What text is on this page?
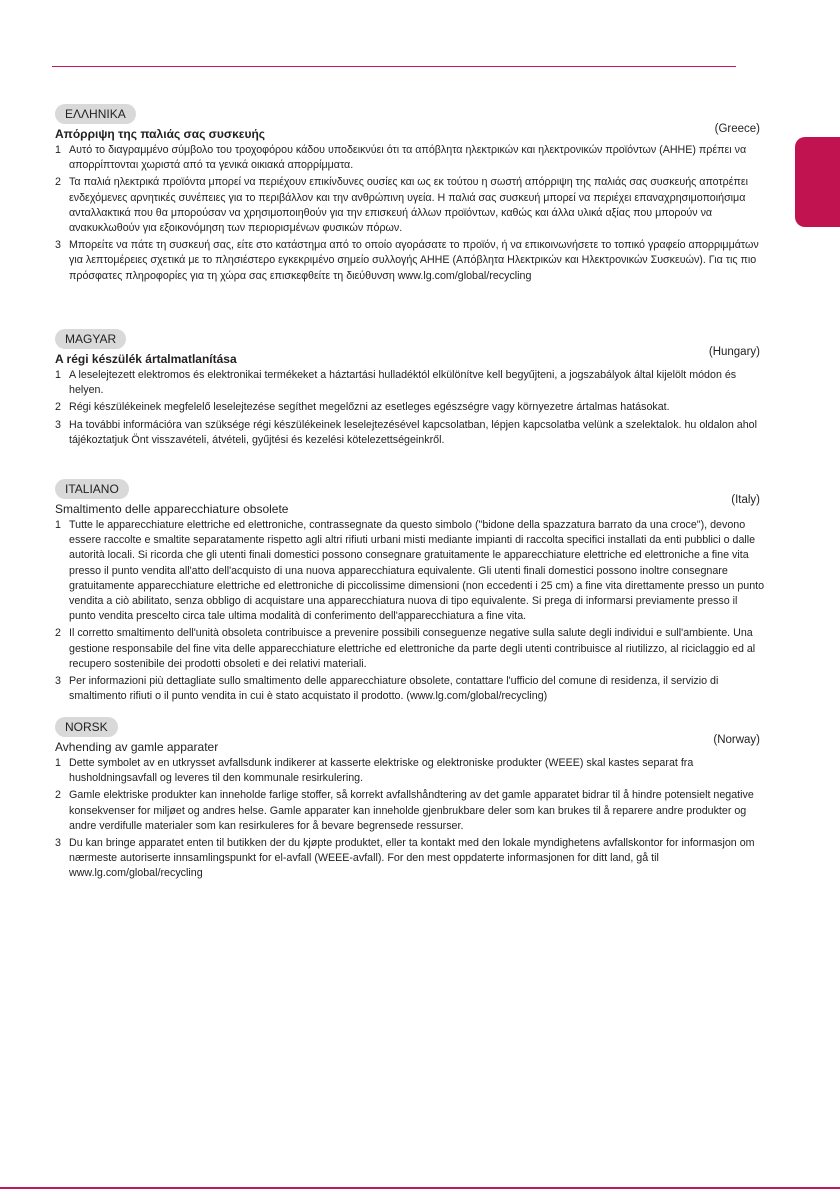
ΕΛΛΗΝΙΚΑ
(Greece)
Απόρριψη της παλιάς σας συσκευής
1 Αυτό το διαγραμμένο σύμβολο του τροχοφόρου κάδου υποδεικνύει ότι τα απόβλητα ηλεκτρικών και ηλεκτρονικών προϊόντων (ΑΗΗΕ) πρέπει να απορρίπτονται χωριστά από τα γενικά οικιακά απορρίμματα.
2 Τα παλιά ηλεκτρικά προϊόντα μπορεί να περιέχουν επικίνδυνες ουσίες και ως εκ τούτου η σωστή απόρριψη της παλιάς σας συσκευής αποτρέπει ενδεχόμενες αρνητικές συνέπειες για το περιβάλλον και την ανθρώπινη υγεία. Η παλιά σας συσκευή μπορεί να περιέχει επαναχρησιμοποιήσιμα ανταλλακτικά που θα μπορούσαν να χρησιμοποιηθούν για την επισκευή άλλων προϊόντων, καθώς και άλλα υλικά αξίας που μπορούν να ανακυκλωθούν για εξοικονόμηση των περιορισμένων φυσικών πόρων.
3 Μπορείτε να πάτε τη συσκευή σας, είτε στο κατάστημα από το οποίο αγοράσατε το προϊόν, ή να επικοινωνήσετε το τοπικό γραφείο απορριμμάτων για λεπτομέρειες σχετικά με το πλησιέστερο εγκεκριμένο σημείο συλλογής ΑΗΗΕ (Απόβλητα Ηλεκτρικών και Ηλεκτρονικών Συσκευών). Για τις πιο πρόσφατες πληροφορίες για τη χώρα σας επισκεφθείτε τη διεύθυνση www.lg.com/global/recycling
MAGYAR
(Hungary)
A régi készülék ártalmatlanítása
1 A leselejtezett elektromos és elektronikai termékeket a háztartási hulladéktól elkülönítve kell begyűjteni, a jogszabályok által kijelölt módon és helyen.
2 Régi készülékeinek megfelelő leselejtezése segíthet megelőzni az esetleges egészségre vagy környezetre ártalmas hatásokat.
3 Ha további információra van szüksége régi készülékeinek leselejtezésével kapcsolatban, lépjen kapcsolatba velünk a szelektalok. hu oldalon ahol tájékoztatjuk Önt visszavételi, átvételi, gyűjtési és kezelési kötelezettségeinkről.
ITALIANO
(Italy)
Smaltimento delle apparecchiature obsolete
1 Tutte le apparecchiature elettriche ed elettroniche, contrassegnate da questo simbolo ("bidone della spazzatura barrato da una croce"), devono essere raccolte e smaltite separatamente rispetto agli altri rifiuti urbani misti mediante impianti di raccolta specifici installati da enti pubblici o dalle autorità locali. Si ricorda che gli utenti finali domestici possono consegnare gratuitamente le apparecchiature elettriche ed elettroniche a fine vita presso il punto vendita all'atto dell'acquisto di una nuova apparecchiatura equivalente. Gli utenti finali domestici possono inoltre consegnare gratuitamente apparecchiature elettriche ed elettroniche di piccolissime dimensioni (non eccedenti i 25 cm) a fine vita direttamente presso un punto vendita a ciò abilitato, senza obbligo di acquistare una apparecchiatura nuova di tipo equivalente. Si prega di informarsi previamente presso il punto vendita prescelto circa tale ultima modalità di conferimento dell'apparecchiatura a fine vita.
2 Il corretto smaltimento dell'unità obsoleta contribuisce a prevenire possibili conseguenze negative sulla salute degli individui e sull'ambiente. Una gestione responsabile del fine vita delle apparecchiature elettriche ed elettroniche da parte degli utenti contribuisce al riutilizzo, al riciclaggio ed al recupero sostenibile dei prodotti obsoleti e dei relativi materiali.
3 Per informazioni più dettagliate sullo smaltimento delle apparecchiature obsolete, contattare l'ufficio del comune di residenza, il servizio di smaltimento rifiuti o il punto vendita in cui è stato acquistato il prodotto. (www.lg.com/global/recycling)
NORSK
(Norway)
Avhending av gamle apparater
1 Dette symbolet av en utkrysset avfallsdunk indikerer at kasserte elektriske og elektroniske produkter (WEEE) skal kastes separat fra husholdningsavfall og leveres til den kommunale resirkulering.
2 Gamle elektriske produkter kan inneholde farlige stoffer, så korrekt avfallshåndtering av det gamle apparatet bidrar til å hindre potensielt negative konsekvenser for miljøet og andres helse. Gamle apparater kan inneholde gjenbrukbare deler som kan brukes til å reparere andre produkter og andre verdifulle materialer som kan resirkuleres for å bevare begrensede ressurser.
3 Du kan bringe apparatet enten til butikken der du kjøpte produktet, eller ta kontakt med den lokale myndighetens avfallskontor for informasjon om nærmeste autoriserte innsamlingspunkt for el-avfall (WEEE-avfall). For den mest oppdaterte informasjonen for ditt land, gå til www.lg.com/global/recycling
